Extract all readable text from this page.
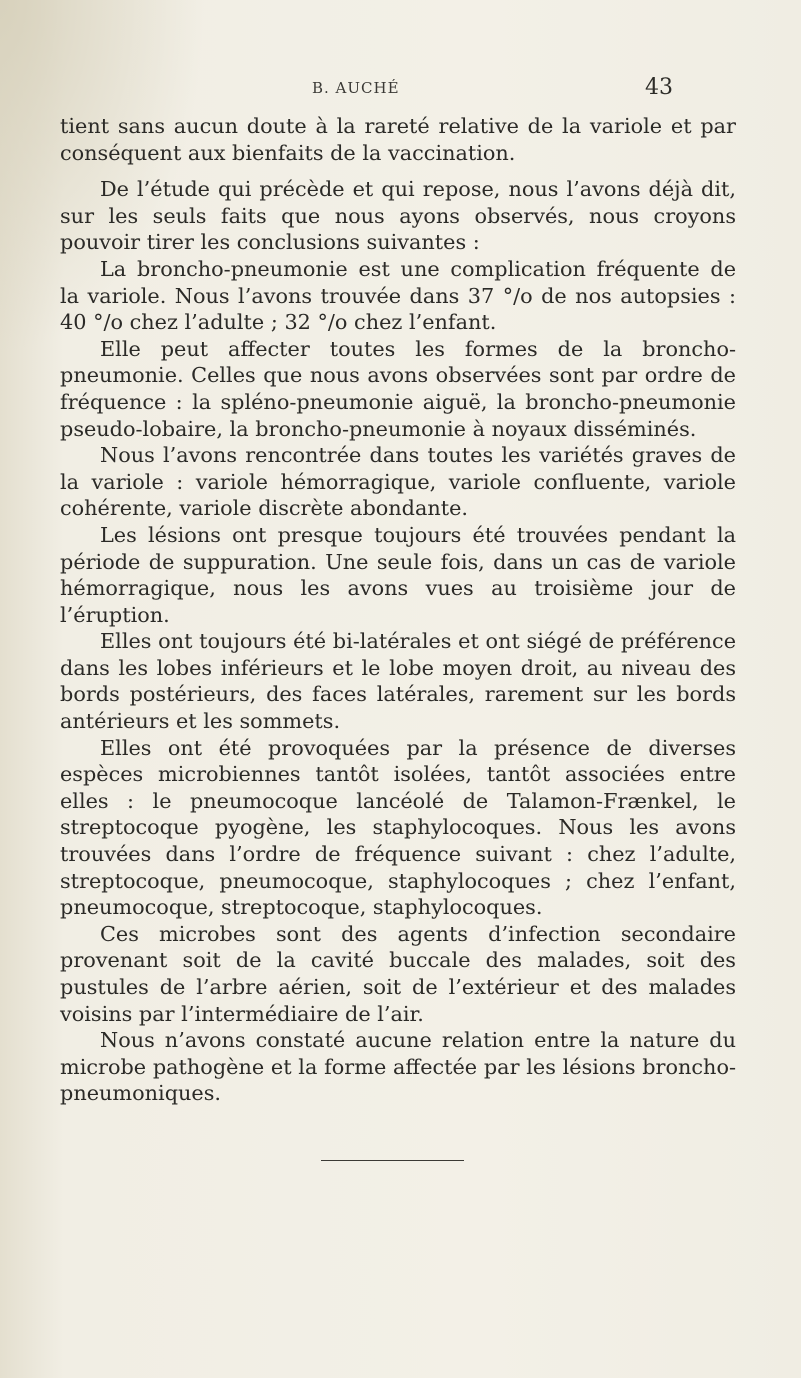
B. AUCHÉ	43

tient sans aucun doute à la rareté relative de la variole et par conséquent aux bienfaits de la vaccination.

De l’étude qui précède et qui repose, nous l’avons déjà dit, sur les seuls faits que nous ayons observés, nous croyons pouvoir tirer les conclusions suivantes :

La broncho-pneumonie est une complication fréquente de la variole. Nous l’avons trouvée dans 37 °/o de nos autopsies : 40 °/o chez l’adulte ; 32 °/o chez l’enfant.

Elle peut affecter toutes les formes de la broncho-pneumonie. Celles que nous avons observées sont par ordre de fréquence : la spléno-pneumonie aiguë, la broncho-pneumonie pseudo-lobaire, la broncho-pneumonie à noyaux disséminés.

Nous l’avons rencontrée dans toutes les variétés graves de la variole : variole hémorragique, variole confluente, variole cohérente, variole discrète abondante.

Les lésions ont presque toujours été trouvées pendant la période de suppuration. Une seule fois, dans un cas de variole hémorragique, nous les avons vues au troisième jour de l’éruption.

Elles ont toujours été bi-latérales et ont siégé de préférence dans les lobes inférieurs et le lobe moyen droit, au niveau des bords postérieurs, des faces latérales, rarement sur les bords antérieurs et les sommets.

Elles ont été provoquées par la présence de diverses espèces microbiennes tantôt isolées, tantôt associées entre elles : le pneumocoque lancéolé de Talamon-Frænkel, le streptocoque pyogène, les staphylocoques. Nous les avons trouvées dans l’ordre de fréquence suivant : chez l’adulte, streptocoque, pneumocoque, staphylocoques ; chez l’enfant, pneumocoque, streptocoque, staphylocoques.

Ces microbes sont des agents d’infection secondaire provenant soit de la cavité buccale des malades, soit des pustules de l’arbre aérien, soit de l’extérieur et des malades voisins par l’intermédiaire de l’air.

Nous n’avons constaté aucune relation entre la nature du microbe pathogène et la forme affectée par les lésions broncho-pneumoniques.
